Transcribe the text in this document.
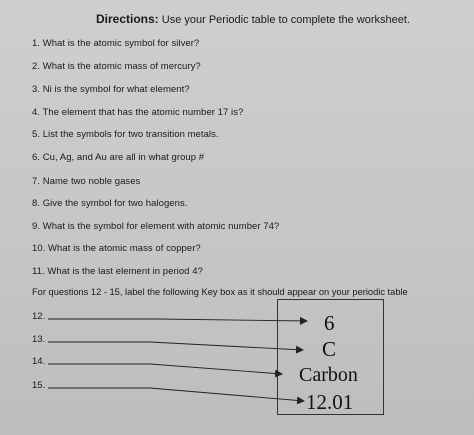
Directions: Use your Periodic table to complete the worksheet.
1. What is the atomic symbol for silver?
2. What is the atomic mass of mercury?
3. Ni is the symbol for what element?
4. The element that has the atomic number 17 is?
5. List the symbols for two transition metals.
6. Cu, Ag, and Au are all in what group #
7. Name two noble gases
8. Give the symbol for two halogens.
9. What is the symbol for element with atomic number 74?
10. What is the atomic mass of copper?
11. What is the last element in period 4?
For questions 12 - 15, label the following Key box as it should appear on your periodic table
12.
13.
14.
15.
6
C
Carbon
12.01
